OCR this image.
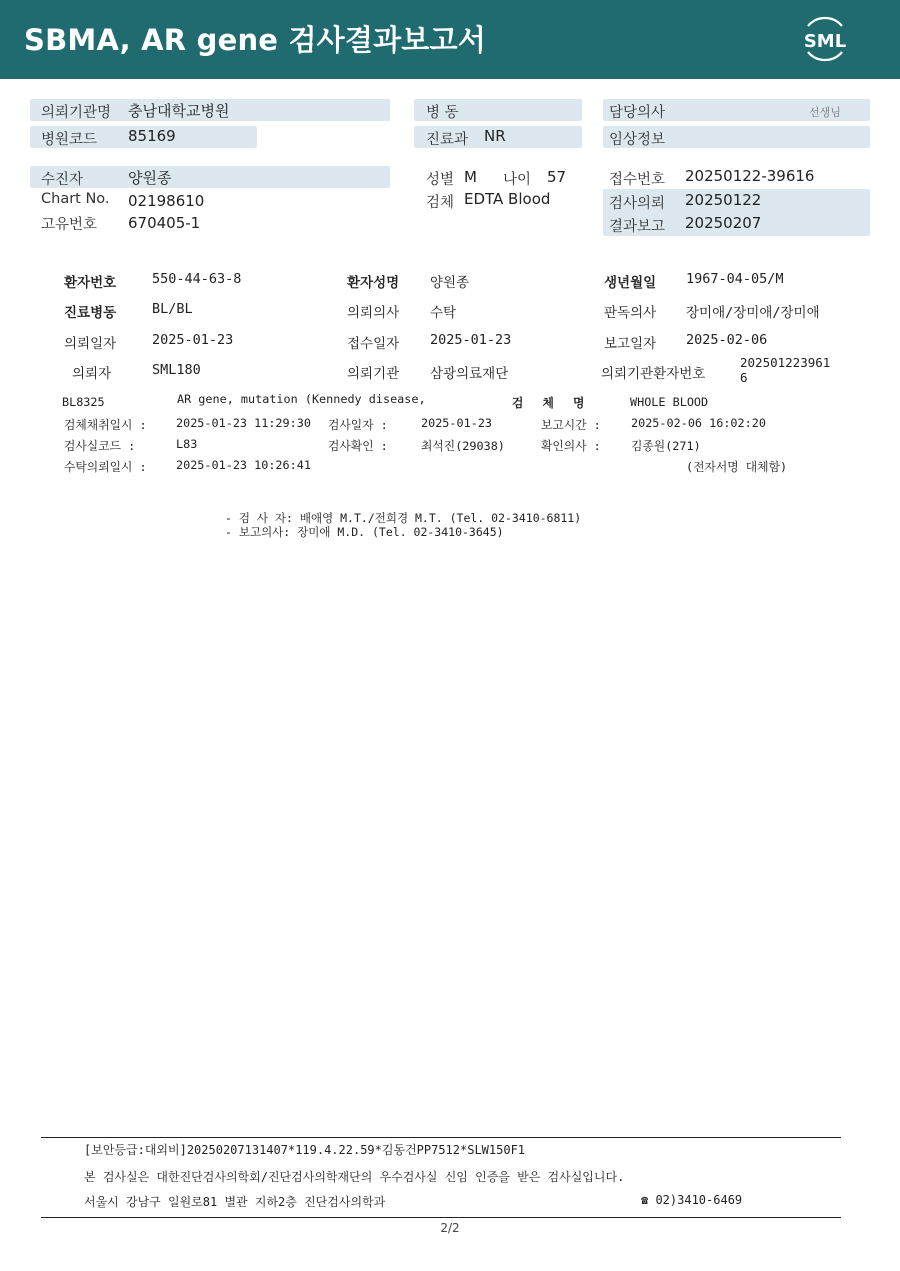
SBMA, AR gene 검사결과보고서	SML
의뢰기관명 충남대학교병원
병원코드 85169
병 동
진료과 NR
담당의사	선생님
임상정보
수진자	양원종	성별 M 나이 57	접수번호 20250122-39616
Chart No. 02198610	검체 EDTA Blood	검사의뢰 20250122
결과보고 20250207
고유번호 670405-1
환자번호	550-44-63-8	환자성명 양원종	생년월일 1967-04-05/M
진료병동	BL/BL	의뢰의사 수탁	판독의사 장미애/장미애/장미애
의뢰일자	2025-01-23	접수일자 2025-01-23	보고일자 2025-02-06
의뢰자	SML180	의뢰기관 삼광의료재단	의뢰기관환자번호
202501223961
6
BL8325	AR gene, mutation (Kennedy disease,	검 체 명	WHOLE BLOOD
검체채취일시 : 2025-01-23 11:29:30 검사일자 :	2025-01-23	보고시간 :	2025-02-06 16:02:20
검사실코드 :	L83	검사확인 :	최석진(29038)	확인의사 :	김종원(271)
수탁의뢰일시 : 2025-01-23 10:26:41	(전자서명 대체함)
- 검 사 자: 배애영 M.T./전희경 M.T. (Tel. 02-3410-6811)
- 보고의사: 장미애 M.D. (Tel. 02-3410-3645)
[보안등급:대외비]20250207131407*119.4.22.59*김동건PP7512*SLW150F1
본 검사실은 대한진단검사의학회/진단검사의학재단의 우수검사실 신임 인증을 받은 검사실입니다.
서울시 강남구 일원로81 별관 지하2층 진단검사의학과	☎ 02)3410-6469
2/2
